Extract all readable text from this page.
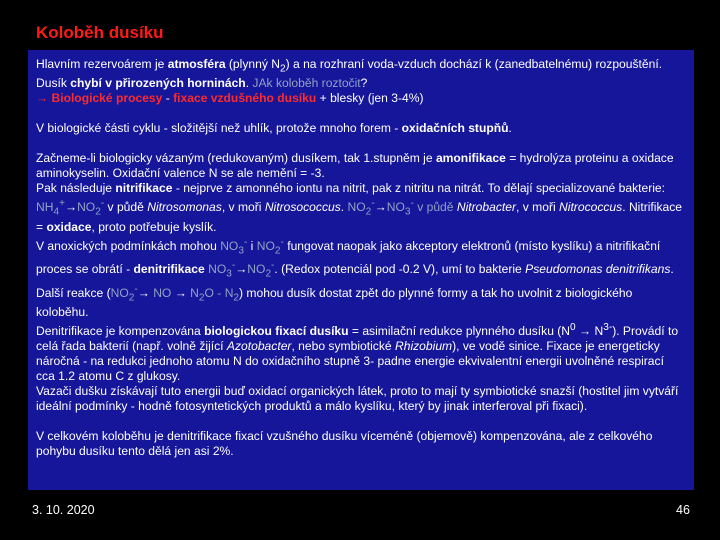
Koloběh dusíku

Hlavním rezervoárem je atmosféra (plynný $N_2$) a na rozhraní voda-vzduch dochází k (zanedbatelnému) rozpouštění. Dusík chybí v přirozených horninách. JAk koloběh roztočit?
→ Biologické procesy - fixace vzdušného dusíku + blesky (jen 3-4%)

V biologické části cyklu - složitější než uhlík, protože mnoho forem - oxidačních stupňů.

Začneme-li biologicky vázaným (redukovaným) dusíkem, tak 1.stupněm je amonifikace = hydrolýza proteinu a oxidace aminokyselin. Oxidační valence N se ale nemění = -3.
Pak následuje nitrifikace - nejprve z amonného iontu na nitrit, pak z nitritu na nitrát. To dělají specializované bakterie: $NH_4^+\to NO_2^-$ v půdě Nitrosomonas, v moři Nitrosococcus. $NO_2^-\to NO_3^-$ v půdě Nitrobacter, v moři Nitrococcus. Nitrifikace = oxidace, proto potřebuje kyslík.
V anoxických podmínkách mohou $NO_3^-$ i $NO_2^-$ fungovat naopak jako akceptory elektronů (místo kyslíku) a nitrifikační proces se obrátí - denitrifikace $NO_3^-\to NO_2^-$. (Redox potenciál pod -0.2 V), umí to bakterie Pseudomonas denitrifikans. Další reakce ($NO_2^-\to$ NO → $N_2O - N_2$) mohou dusík dostat zpět do plynné formy a tak ho uvolnit z biologického koloběhu.
Denitrifikace je kompenzována biologickou fixací dusíku = asimilační redukce plynného dusíku $(N^0 \to N^{3-})$. Provádí to celá řada bakterií (např. volně žijící Azotobacter, nebo symbiotické Rhizobium), ve vodě sinice. Fixace je energeticky náročná - na redukci jednoho atomu N do oxidačního stupně 3- padne energie ekvivalentní energii uvolněné respirací cca 1.2 atomu C z glukosy.
Vazači dušku získávají tuto energii buď oxidací organických látek, proto to mají ty symbiotické snazší (hostitel jim vytváří ideální podmínky - hodně fotosyntetických produktů a málo kyslíku, který by jinak interferoval při fixaci).

V celkovém koloběhu je denitrifikace fixací vzušného dusíku víceméně (objemově) kompenzována, ale z celkového pohybu dusíku tento dělá jen asi 2%.

3. 10. 2020	46
